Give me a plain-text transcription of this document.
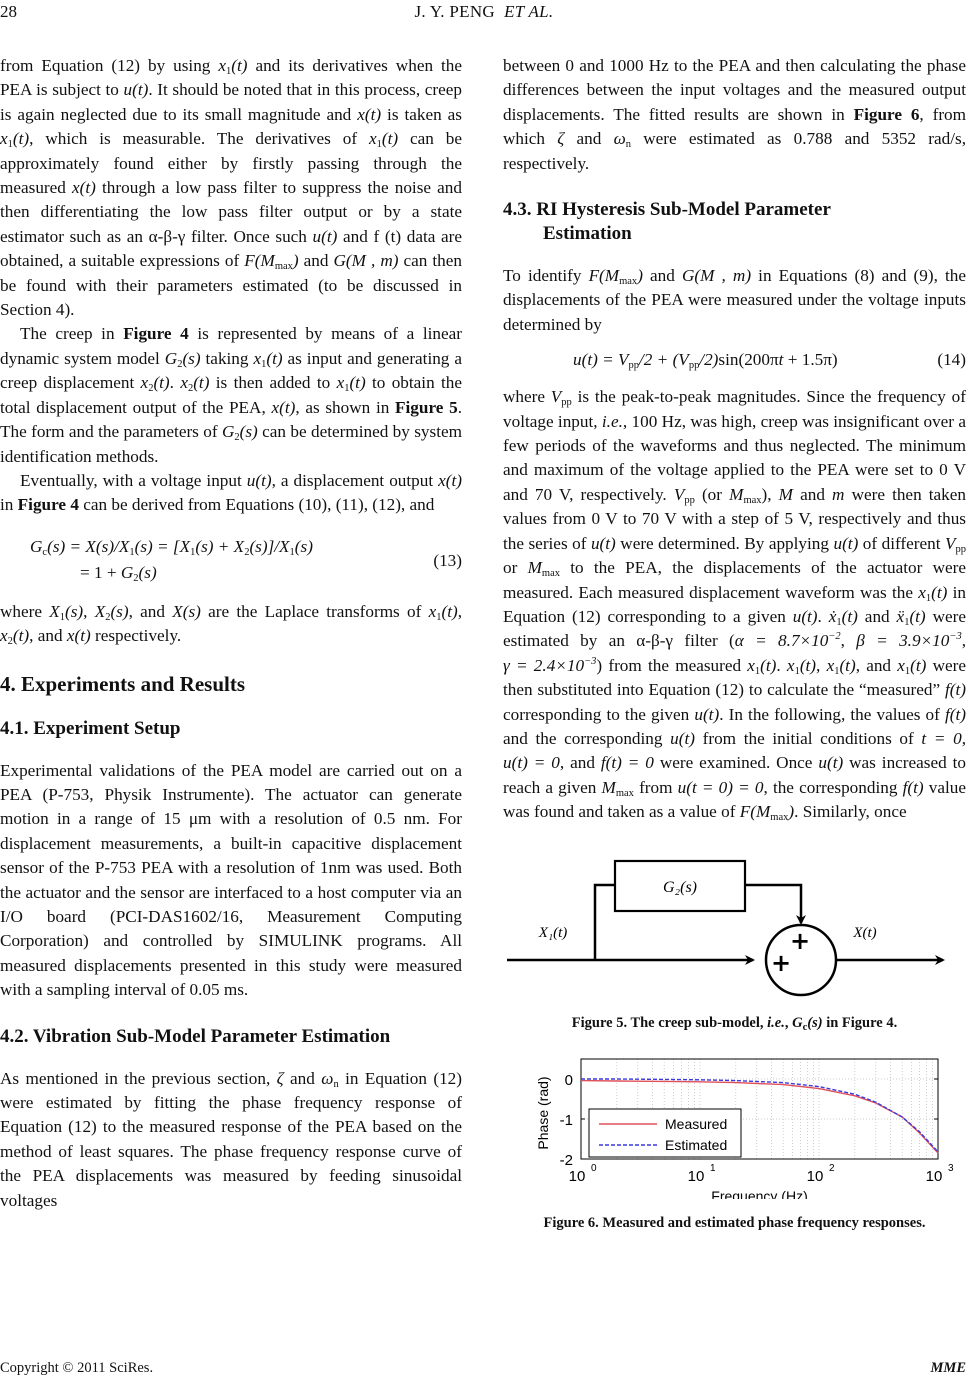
28	J. Y. PENG ET AL.

from Equation (12) by using $x_1(t)$ and its derivatives when the PEA is subject to u(t). It should be noted that in this process, creep is again neglected due to its small magnitude and x(t) is taken as $x_1(t)$, which is measurable. The derivatives of $x_1(t)$ can be approximately found either by firstly passing through the measured x(t) through a low pass filter to suppress the noise and then differentiating the low pass filter output or by a state estimator such as an α-β-γ filter. Once such u(t) and f (t) data are obtained, a suitable expressions of $F(M_{max})$ and G(M , m) can then be found with their parameters estimated (to be discussed in Section 4).

The creep in Figure 4 is represented by means of a linear dynamic system model $G_2(s)$ taking $x_1(t)$ as input and generating a creep displacement $x_2(t)$. $x_2(t)$ is then added to $x_1(t)$ to obtain the total displacement output of the PEA, x(t), as shown in Figure 5. The form and the parameters of $G_2(s)$ can be determined by system identification methods.

Eventually, with a voltage input u(t), a displacement output x(t) in Figure 4 can be derived from Equations (10), (11), (12), and

$G_c(s) = X(s)/X_1(s) = [X_1(s) + X_2(s)]/X_1(s)$
= $1 + G_2(s)$
(13)

where $X_1(s)$, $X_2(s)$, and X(s) are the Laplace transforms of $x_1(t)$, $x_2(t)$, and x(t) respectively.

4. Experiments and Results
4.1. Experiment Setup

Experimental validations of the PEA model are carried out on a PEA (P-753, Physik Instrumente). The actuator can generate motion in a range of 15 μm with a resolution of 0.5 nm. For displacement measurements, a built-in capacitive displacement sensor of the P-753 PEA with a resolution of 1nm was used. Both the actuator and the sensor are interfaced to a host computer via an I/O board (PCI-DAS1602/16, Measurement Computing Corporation) and controlled by SIMULINK programs. All measured displacements presented in this study were measured with a sampling interval of 0.05 ms.

4.2. Vibration Sub-Model Parameter Estimation

As mentioned in the previous section, ζ and $\omega_n$ in Equation (12) were estimated by fitting the phase frequency response of Equation (12) to the measured response of the PEA based on the method of least squares. The phase frequency response curve of the PEA displacements was measured by feeding sinusoidal voltages

between 0 and 1000 Hz to the PEA and then calculating the phase differences between the input voltages and the measured output displacements. The fitted results are shown in Figure 6, from which ζ and $\omega_n$ were estimated as 0.788 and 5352 rad/s, respectively.

4.3. RI Hysteresis Sub-Model Parameter
Estimation

To identify $F(M_{max})$ and G(M , m) in Equations (8) and (9), the displacements of the PEA were measured under the voltage inputs determined by

$u(t) = V_{pp}/2 + (V_{pp}/2)\sin(200\pi t + 1.5\pi)$	(14)

where $V_{pp}$ is the peak-to-peak magnitudes. Since the frequency of voltage input, i.e., 100 Hz, was high, creep was insignificant over a few periods of the waveforms and thus neglected. The minimum and maximum of the voltage applied to the PEA were set to 0 V and 70 V, respectively. $V_{pp}$ (or $M_{max}$), M and m were then taken values from 0 V to 70 V with a step of 5 V, respectively and thus the series of u(t) were determined. By applying u(t) of different $V_{pp}$ or $M_{max}$ to the PEA, the displacements of the actuator were measured. Each measured displacement waveform was the $x_1(t)$ in Equation (12) corresponding to a given u(t). ẋ$_1$(t) and ẍ$_1$(t) were estimated by an α-β-γ filter ($\alpha = 8.7\times 10^{-2}$, $\beta = 3.9\times 10^{-3}$, $\gamma = 2.4\times 10^{-3}$) from the measured $x_1(t)$. $x_1(t)$, $x_1(t)$, and $x_1(t)$ were then substituted into Equation (12) to calculate the “measured” f(t) corresponding to the given u(t). In the following, the values of f(t) and the corresponding u(t) from the initial conditions of t = 0, u(t) = 0, and f(t) = 0 were examined. Once u(t) was increased to reach a given $M_{max}$ from u(t = 0) = 0, the corresponding f(t) value was found and taken as a value of $F(M_{max})$. Similarly, once

G₂(s)
+
+
X₁(t)	X(t)
Figure 5. The creep sub-model, i.e., $G_c(s)$ in Figure 4.
0
-1
-2
10 0	10 1	10 2	10 3
Frequency (Hz)
Phase (rad)	Measured
Estimated
Figure 6. Measured and estimated phase frequency responses.
Copyright © 2011 SciRes.	MME
